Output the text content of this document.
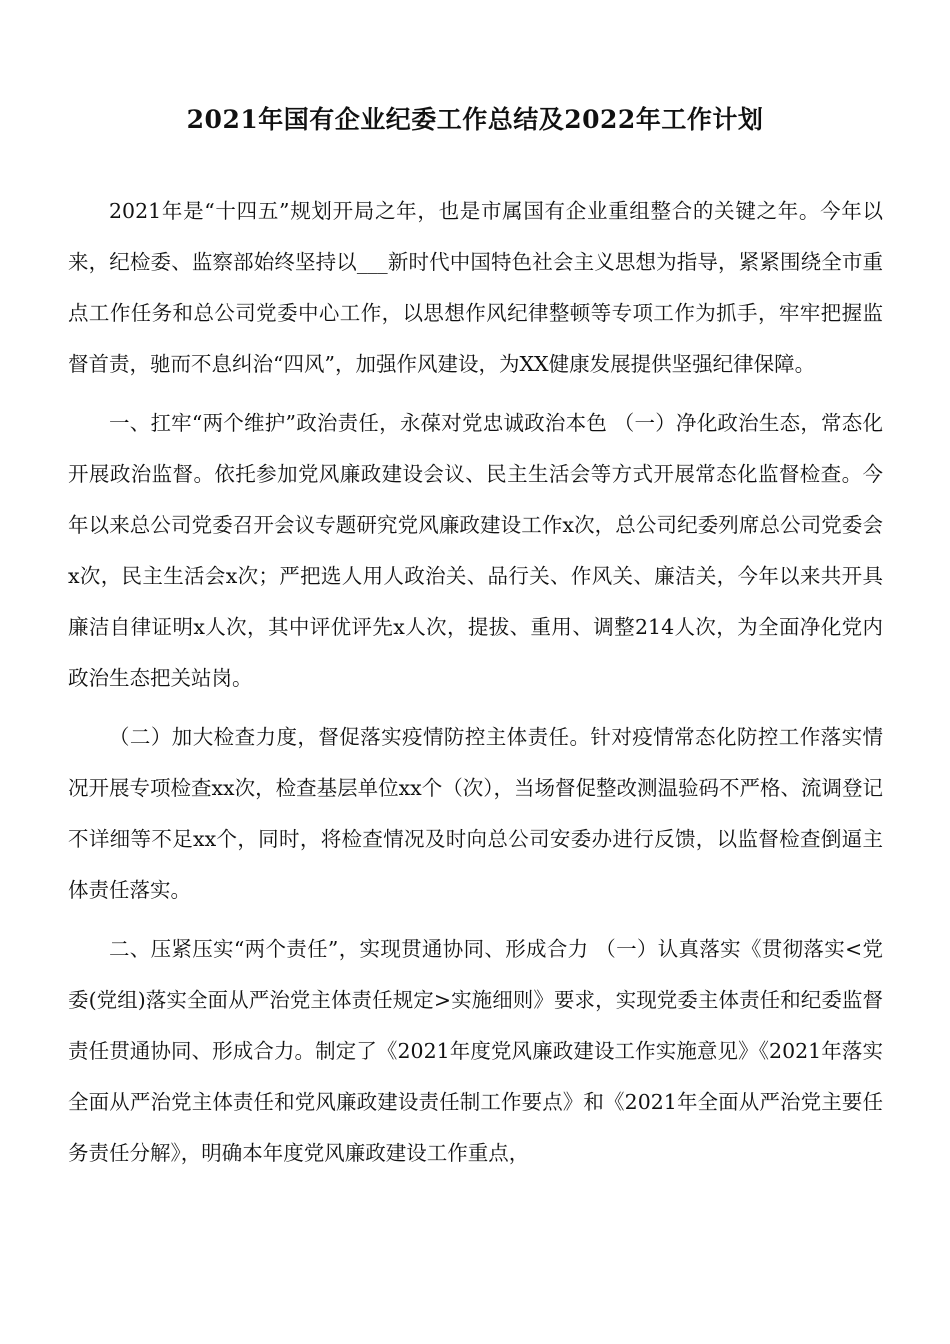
2021年国有企业纪委工作总结及2022年工作计划

2021年是“十四五”规划开局之年，也是市属国有企业重组整合的关键之年。今年以来，纪检委、监察部始终坚持以___新时代中国特色社会主义思想为指导，紧紧围绕全市重点工作任务和总公司党委中心工作，以思想作风纪律整顿等专项工作为抓手，牢牢把握监督首责，驰而不息纠治“四风”，加强作风建设，为XX健康发展提供坚强纪律保障。

一、扛牢“两个维护”政治责任，永葆对党忠诚政治本色 （一）净化政治生态，常态化开展政治监督。依托参加党风廉政建设会议、民主生活会等方式开展常态化监督检查。今年以来总公司党委召开会议专题研究党风廉政建设工作x次，总公司纪委列席总公司党委会x次，民主生活会x次；严把选人用人政治关、品行关、作风关、廉洁关，今年以来共开具廉洁自律证明x人次，其中评优评先x人次，提拔、重用、调整214人次，为全面净化党内政治生态把关站岗。

（二）加大检查力度，督促落实疫情防控主体责任。针对疫情常态化防控工作落实情况开展专项检查xx次，检查基层单位xx个（次），当场督促整改测温验码不严格、流调登记不详细等不足xx个，同时，将检查情况及时向总公司安委办进行反馈，以监督检查倒逼主体责任落实。

二、压紧压实“两个责任”，实现贯通协同、形成合力 （一）认真落实《贯彻落实<党委(党组)落实全面从严治党主体责任规定>实施细则》要求，实现党委主体责任和纪委监督责任贯通协同、形成合力。制定了《2021年度党风廉政建设工作实施意见》《2021年落实全面从严治党主体责任和党风廉政建设责任制工作要点》和《2021年全面从严治党主要任务责任分解》，明确本年度党风廉政建设工作重点，
